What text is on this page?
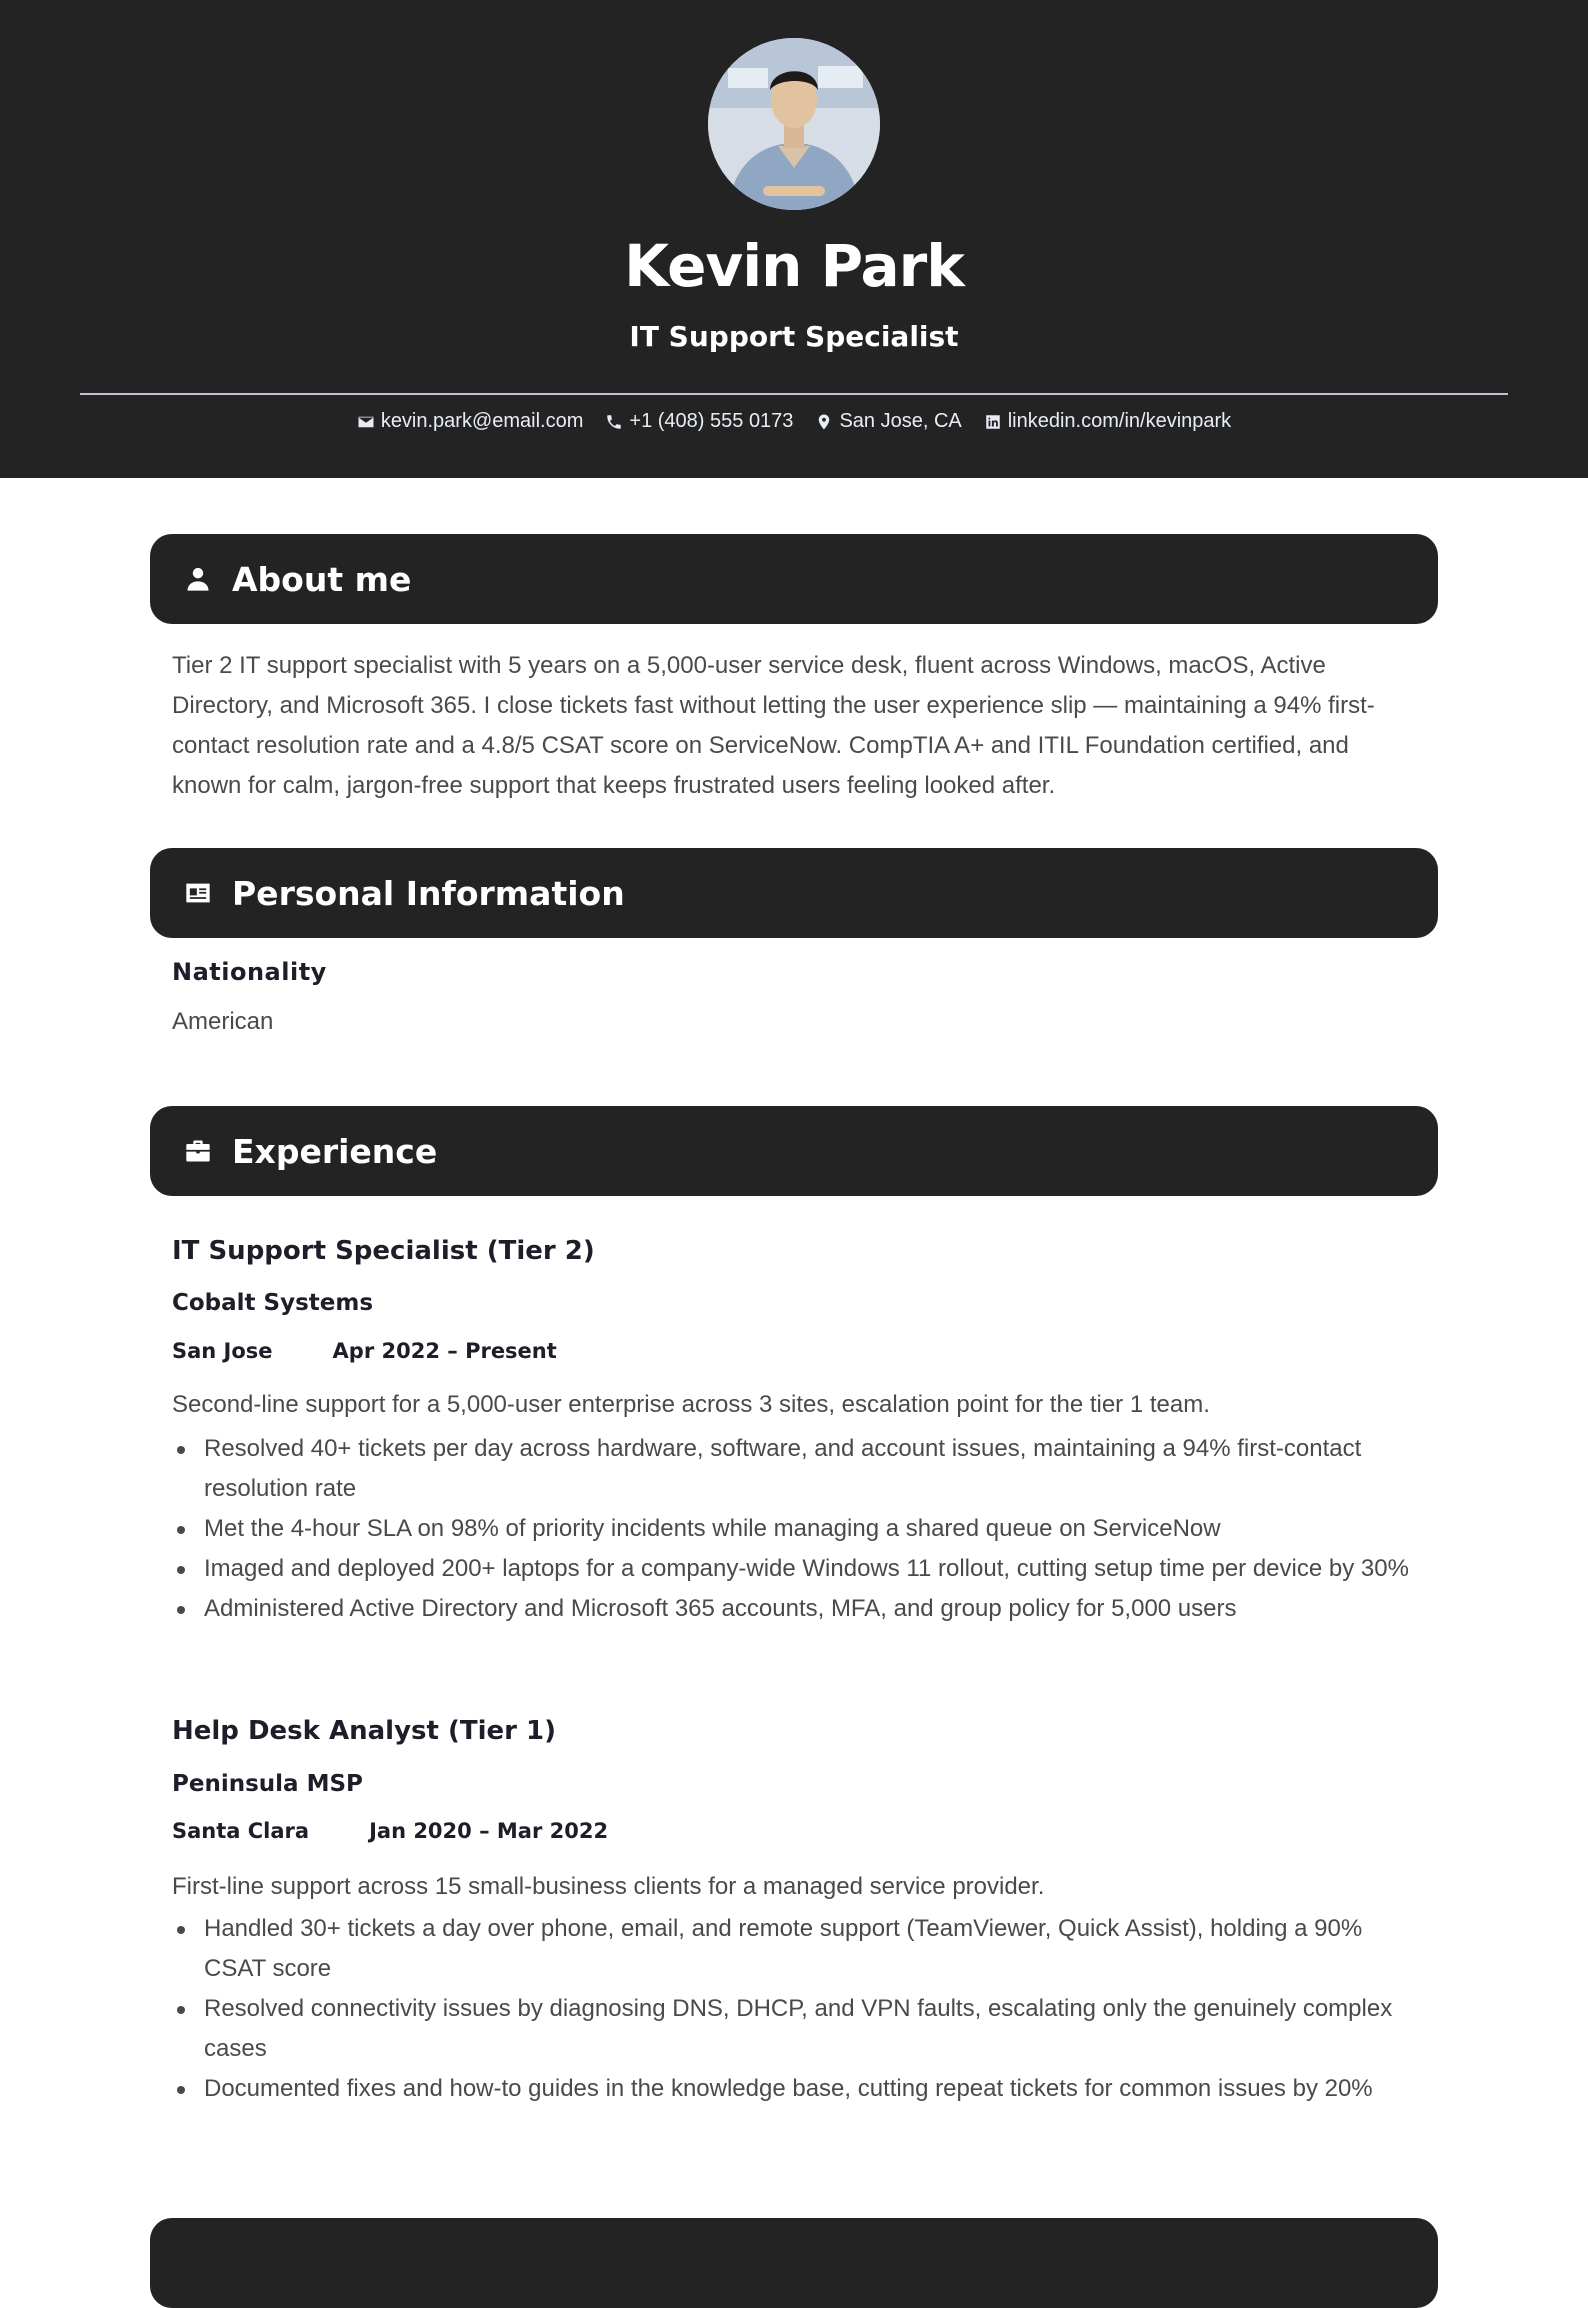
Kevin Park
IT Support Specialist
kevin.park@email.com +1 (408) 555 0173 San Jose, CA linkedin.com/in/kevinpark
About me
Tier 2 IT support specialist with 5 years on a 5,000-user service desk, fluent across Windows, macOS, Active Directory, and Microsoft 365. I close tickets fast without letting the user experience slip — maintaining a 94% first-contact resolution rate and a 4.8/5 CSAT score on ServiceNow. CompTIA A+ and ITIL Foundation certified, and known for calm, jargon-free support that keeps frustrated users feeling looked after.
Personal Information
Nationality
American
Experience
IT Support Specialist (Tier 2)
Cobalt Systems
San Jose	Apr 2022 – Present
Second-line support for a 5,000-user enterprise across 3 sites, escalation point for the tier 1 team.
Resolved 40+ tickets per day across hardware, software, and account issues, maintaining a 94% first-contact resolution rate
Met the 4-hour SLA on 98% of priority incidents while managing a shared queue on ServiceNow
Imaged and deployed 200+ laptops for a company-wide Windows 11 rollout, cutting setup time per device by 30%
Administered Active Directory and Microsoft 365 accounts, MFA, and group policy for 5,000 users
Help Desk Analyst (Tier 1)
Peninsula MSP
Santa Clara	Jan 2020 – Mar 2022
First-line support across 15 small-business clients for a managed service provider.
Handled 30+ tickets a day over phone, email, and remote support (TeamViewer, Quick Assist), holding a 90% CSAT score
Resolved connectivity issues by diagnosing DNS, DHCP, and VPN faults, escalating only the genuinely complex cases
Documented fixes and how-to guides in the knowledge base, cutting repeat tickets for common issues by 20%
